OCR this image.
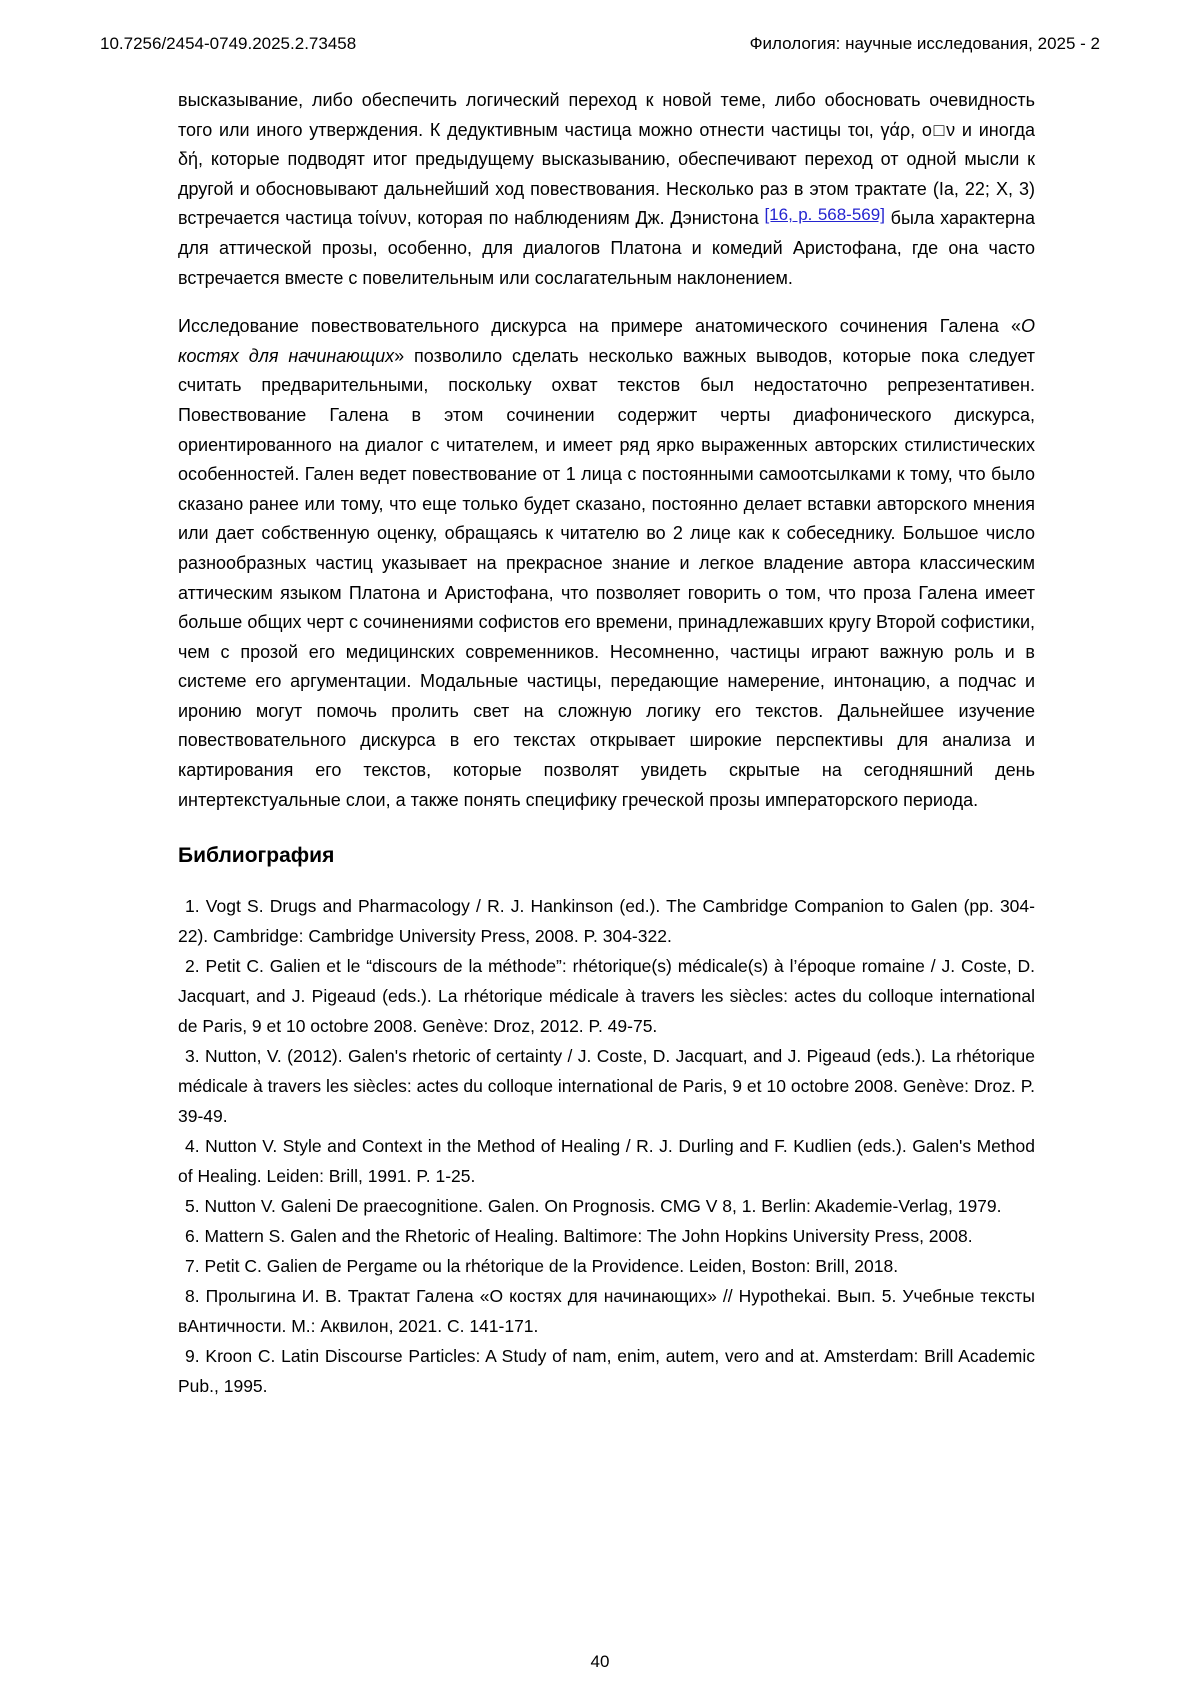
10.7256/2454-0749.2025.2.73458	Филология: научные исследования, 2025 - 2

высказывание, либо обеспечить логический переход к новой теме, либо обосновать очевидность того или иного утверждения. К дедуктивным частица можно отнести частицы τοι, γάρ, ο□ν и иногда δή, которые подводят итог предыдущему высказыванию, обеспечивают переход от одной мысли к другой и обосновывают дальнейший ход повествования. Несколько раз в этом трактате (Ia, 22; X, 3) встречается частица τοίνυν, которая по наблюдениям Дж. Дэнистона [16, p. 568-569] была характерна для аттической прозы, особенно, для диалогов Платона и комедий Аристофана, где она часто встречается вместе с повелительным или сослагательным наклонением.

Исследование повествовательного дискурса на примере анатомического сочинения Галена «О костях для начинающих» позволило сделать несколько важных выводов, которые пока следует считать предварительными, поскольку охват текстов был недостаточно репрезентативен. Повествование Галена в этом сочинении содержит черты диафонического дискурса, ориентированного на диалог с читателем, и имеет ряд ярко выраженных авторских стилистических особенностей. Гален ведет повествование от 1 лица с постоянными самоотсылками к тому, что было сказано ранее или тому, что еще только будет сказано, постоянно делает вставки авторского мнения или дает собственную оценку, обращаясь к читателю во 2 лице как к собеседнику. Большое число разнообразных частиц указывает на прекрасное знание и легкое владение автора классическим аттическим языком Платона и Аристофана, что позволяет говорить о том, что проза Галена имеет больше общих черт с сочинениями софистов его времени, принадлежавших кругу Второй софистики, чем с прозой его медицинских современников. Несомненно, частицы играют важную роль и в системе его аргументации. Модальные частицы, передающие намерение, интонацию, а подчас и иронию могут помочь пролить свет на сложную логику его текстов. Дальнейшее изучение повествовательного дискурса в его текстах открывает широкие перспективы для анализа и картирования его текстов, которые позволят увидеть скрытые на сегодняшний день интертекстуальные слои, а также понять специфику греческой прозы императорского периода.

Библиография

1. Vogt S. Drugs and Pharmacology / R. J. Hankinson (ed.). The Cambridge Companion to Galen (pp. 304-22). Cambridge: Cambridge University Press, 2008. P. 304-322.

2. Petit C. Galien et le “discours de la méthode”: rhétorique(s) médicale(s) à l’époque romaine / J. Coste, D. Jacquart, and J. Pigeaud (eds.). La rhétorique médicale à travers les siècles: actes du colloque international de Paris, 9 et 10 octobre 2008. Genève: Droz, 2012. P. 49-75.

3. Nutton, V. (2012). Galen's rhetoric of certainty / J. Coste, D. Jacquart, and J. Pigeaud (eds.). La rhétorique médicale à travers les siècles: actes du colloque international de Paris, 9 et 10 octobre 2008. Genève: Droz. P. 39-49.

4. Nutton V. Style and Context in the Method of Healing / R. J. Durling and F. Kudlien (eds.). Galen's Method of Healing. Leiden: Brill, 1991. P. 1-25.

5. Nutton V. Galeni De praecognitione. Galen. On Prognosis. CMG V 8, 1. Berlin: Akademie-Verlag, 1979.

6. Mattern S. Galen and the Rhetoric of Healing. Baltimore: The John Hopkins University Press, 2008.

7. Petit C. Galien de Pergame ou la rhétorique de la Providence. Leiden, Boston: Brill, 2018.

8. Пролыгина И. В. Трактат Галена «О костях для начинающих» // Hypothekai. Вып. 5. Учебные тексты вАнтичности. М.: Аквилон, 2021. С. 141-171.

9. Kroon C. Latin Discourse Particles: A Study of nam, enim, autem, vero and at. Amsterdam: Brill Academic Pub., 1995.

40
